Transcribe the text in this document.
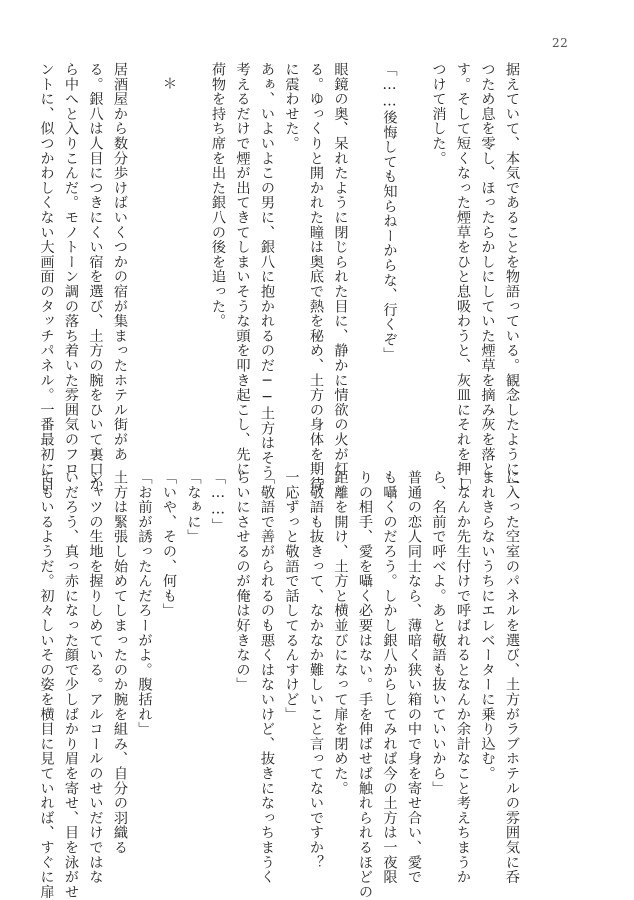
22
据えていて、本気であることを物語っている。観念したように一
つため息を零し、ほったらかしにしていた煙草を摘み灰を落と
す。そして短くなった煙草をひと息吸わうと、灰皿にそれを押し
つけて消した。
「……後悔しても知らねーからな、行くぞ」
眼鏡の奥、呆れたように閉じられた目に、静かに情欲の火が灯
る。ゆっくりと開かれた瞳は奥底で熱を秘め、土方の身体を期待
に震わせた。
あぁ、いよいよこの男に、銀八に抱かれるのだ──土方はそう
考えるだけで煙が出てきてしまいそうな頭を叩き起こし、先に
荷物を持ち席を出た銀八の後を追った。
＊
居酒屋から数分歩けばいくつかの宿が集まったホテル街があ
る。銀八は人目につきにくい宿を選び、土方の腕をひいて裏口か
ら中へと入りこんだ。モノトーン調の落ち着いた雰囲気のフロ
ントに、似つかわしくない大画面のタッチパネル。一番最初に目
に入った空室のパネルを選び、土方がラブホテルの雰囲気に呑
まれきらないうちにエレベーターに乗り込む。
「なんか先生付けで呼ばれるとなんか余計なこと考えちまうか
ら、名前で呼べよ。あと敬語も抜いていいから」
普通の恋人同士なら、薄暗く狭い箱の中で身を寄せ合い、愛で
も囁くのだろう。しかし銀八からしてみれば今の土方は一夜限
りの相手、愛を囁く必要はない。手を伸ばせば触れられるほどの
距離を開け、土方と横並びになって扉を閉めた。
「敬語も抜きって、なかなか難しいこと言ってないですか？
一応ずっと敬語で話してるんすけど」
「敬語で善がられるのも悪くはないけど、抜きになっちまうく
らいにさせるのが俺は好きなの」
「……」
「なぁに」
「いや、その、何も」
「お前が誘ったんだろーがよ。腹括れ」
土方は緊張し始めてしまったのか腕を組み、自分の羽織る
シャツの生地を握りしめている。アルコールのせいだけではな
いだろう、真っ赤になった顔で少しばかり眉を寄せ、目を泳がせ
てもいるようだ。初々しいその姿を横目に見ていれば、すぐに扉
